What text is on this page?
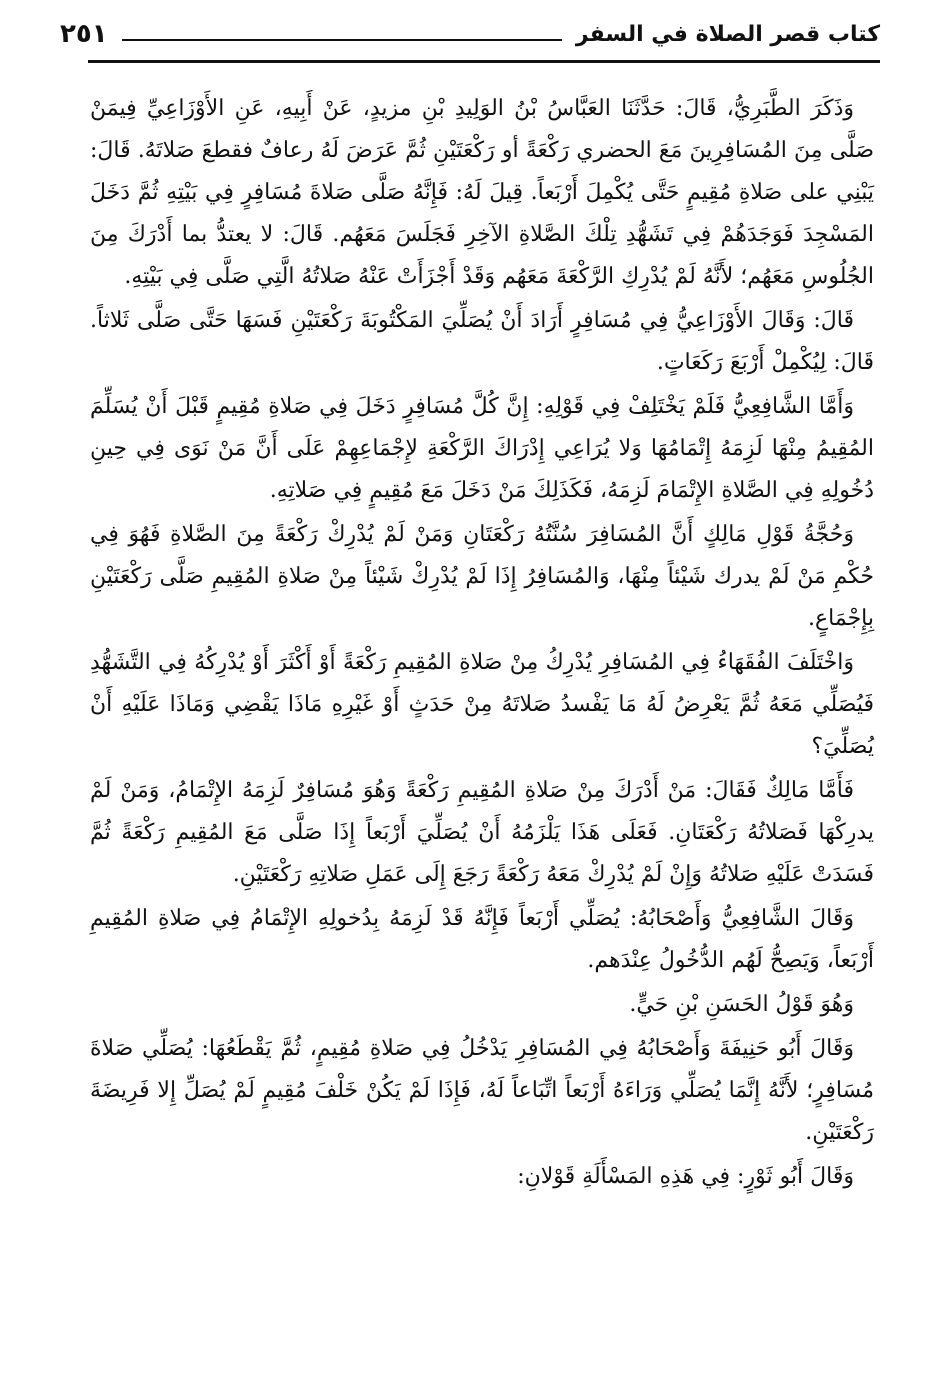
كتاب قصر الصلاة في السفر
٢٥١

وَذَكَرَ الطَّبَرِيُّ، قَالَ: حَدَّثَنَا العَبَّاسُ بْنُ الوَلِيدِ بْنِ مزيدٍ، عَنْ أَبِيهِ، عَنِ الأَوْزَاعِيِّ فِيمَنْ صَلَّى مِنَ المُسَافِرِينَ مَعَ الحضري رَكْعَةً أو رَكْعَتَيْنِ ثُمَّ عَرَضَ لَهُ رعافٌ فقطعَ صَلاتَهُ. قَالَ: يَبْنِي على صَلاةِ مُقِيمٍ حَتَّى يُكْمِلَ أَرْبَعاً. قِيلَ لَهُ: فَإِنَّهُ صَلَّى صَلاةَ مُسَافِرٍ فِي بَيْتِهِ ثُمَّ دَخَلَ المَسْجِدَ فَوَجَدَهُمْ فِي تَشَهُّدِ تِلْكَ الصَّلاةِ الآخِرِ فَجَلَسَ مَعَهُم. قَالَ: لا يعتدُّ بما أَدْرَكَ مِنَ الجُلُوسِ مَعَهُم؛ لأَنَّهُ لَمْ يُدْرِكِ الرَّكْعَةَ مَعَهُم وَقَدْ أَجْزَأَتْ عَنْهُ صَلاتُهُ الَّتِي صَلَّى فِي بَيْتِهِ.

قَالَ: وَقَالَ الأَوْزَاعِيُّ فِي مُسَافِرٍ أَرَادَ أَنْ يُصَلِّيَ المَكْتُوبَةَ رَكْعَتَيْنِ فَسَهَا حَتَّى صَلَّى ثَلاثاً. قَالَ: لِيُكْمِلْ أَرْبَعَ رَكَعَاتٍ.

وَأَمَّا الشَّافِعِيُّ فَلَمْ يَخْتَلِفْ فِي قَوْلِهِ: إِنَّ كُلَّ مُسَافِرٍ دَخَلَ فِي صَلاةِ مُقِيمٍ قَبْلَ أَنْ يُسَلِّمَ المُقِيمُ مِنْهَا لَزِمَهُ إِتْمَامُهَا وَلا يُرَاعِي إِدْرَاكَ الرَّكْعَةِ لإِجْمَاعِهِمْ عَلَى أَنَّ مَنْ نَوَى فِي حِينِ دُخُولِهِ فِي الصَّلاةِ الإِتْمَامَ لَزِمَهُ، فَكَذَلِكَ مَنْ دَخَلَ مَعَ مُقِيمٍ فِي صَلاتِهِ.

وَحُجَّةُ قَوْلِ مَالِكٍ أَنَّ المُسَافِرَ سُنَّتُهُ رَكْعَتَانِ وَمَنْ لَمْ يُدْرِكْ رَكْعَةً مِنَ الصَّلاةِ فَهُوَ فِي حُكْمِ مَنْ لَمْ يدرك شَيْئاً مِنْهَا، وَالمُسَافِرُ إِذَا لَمْ يُدْرِكْ شَيْئاً مِنْ صَلاةِ المُقِيمِ صَلَّى رَكْعَتَيْنِ بِإِجْمَاعٍ.

وَاخْتَلَفَ الفُقَهَاءُ فِي المُسَافِرِ يُدْرِكُ مِنْ صَلاةِ المُقِيمِ رَكْعَةً أَوْ أَكْثَرَ أَوْ يُدْرِكُهُ فِي التَّشَهُّدِ فَيُصَلِّي مَعَهُ ثُمَّ يَعْرِضُ لَهُ مَا يَفْسدُ صَلاتَهُ مِنْ حَدَثٍ أَوْ غَيْرِهِ مَاذَا يَقْضِي وَمَاذَا عَلَيْهِ أَنْ يُصَلِّيَ؟

فَأَمَّا مَالِكٌ فَقَالَ: مَنْ أَدْرَكَ مِنْ صَلاةِ المُقِيمِ رَكْعَةً وَهُوَ مُسَافِرٌ لَزِمَهُ الإِتْمَامُ، وَمَنْ لَمْ يدرِكْهَا فَصَلاتُهُ رَكْعَتَانِ. فَعَلَى هَذَا يَلْزَمُهُ أَنْ يُصَلِّيَ أَرْبَعاً إِذَا صَلَّى مَعَ المُقِيمِ رَكْعَةً ثُمَّ فَسَدَتْ عَلَيْهِ صَلاتُهُ وَإِنْ لَمْ يُدْرِكْ مَعَهُ رَكْعَةً رَجَعَ إِلَى عَمَلِ صَلاتِهِ رَكْعَتَيْنِ.

وَقَالَ الشَّافِعِيُّ وَأَصْحَابُهُ: يُصَلِّي أَرْبَعاً فَإِنَّهُ قَدْ لَزِمَهُ بِدُخولِهِ الإِتْمَامُ فِي صَلاةِ المُقِيمِ أَرْبَعاً، وَيَصِحُّ لَهُم الدُّخُولُ عِنْدَهم.

وَهُوَ قَوْلُ الحَسَنِ بْنِ حَيٍّ.

وَقَالَ أَبُو حَنِيفَةَ وَأَصْحَابُهُ فِي المُسَافِرِ يَدْخُلُ فِي صَلاةِ مُقِيمٍ، ثُمَّ يَقْطَعُهَا: يُصَلِّي صَلاةَ مُسَافِرٍ؛ لأَنَّهُ إِنَّمَا يُصَلِّي وَرَاءَهُ أَرْبَعاً اتِّبَاعاً لَهُ، فَإِذَا لَمْ يَكُنْ خَلْفَ مُقِيمٍ لَمْ يُصَلِّ إِلا فَرِيضَةَ رَكْعَتَيْنِ.

وَقَالَ أَبُو ثَوْرٍ: فِي هَذِهِ المَسْأَلَةِ قَوْلانِ:
